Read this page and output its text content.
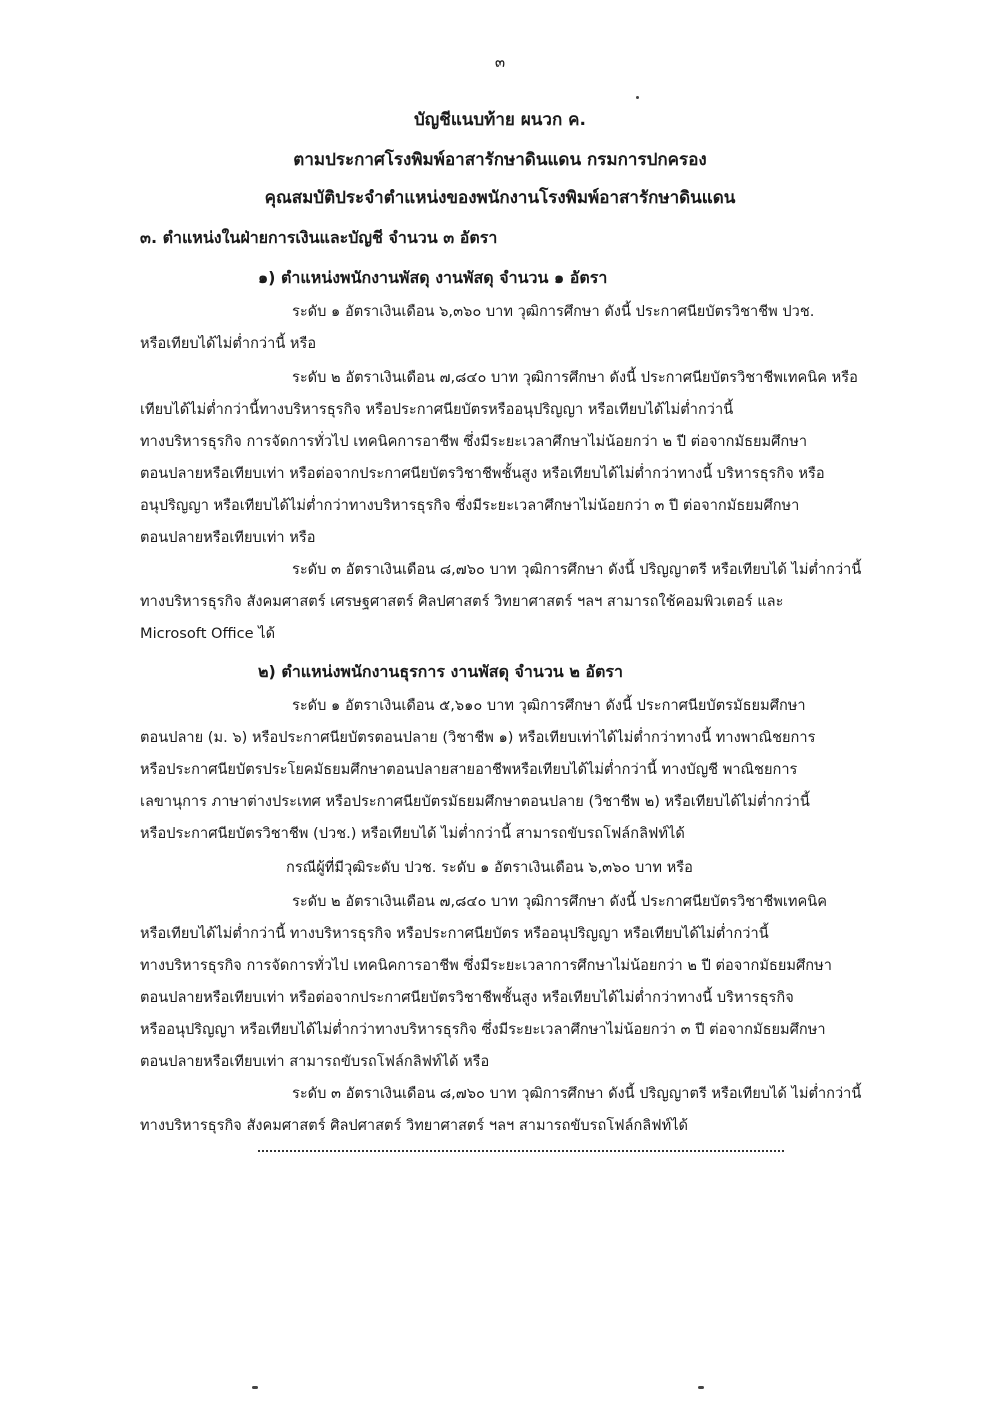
๓
บัญชีแนบท้าย ผนวก ค.
ตามประกาศโรงพิมพ์อาสารักษาดินแดน กรมการปกครอง
คุณสมบัติประจำตำแหน่งของพนักงานโรงพิมพ์อาสารักษาดินแดน
๓. ตำแหน่งในฝ่ายการเงินและบัญชี จำนวน ๓ อัตรา
๑) ตำแหน่งพนักงานพัสดุ งานพัสดุ จำนวน ๑ อัตรา
ระดับ ๑ อัตราเงินเดือน ๖,๓๖๐ บาท วุฒิการศึกษา ดังนี้ ประกาศนียบัตรวิชาชีพ ปวช.
หรือเทียบได้ไม่ต่ำกว่านี้ หรือ
ระดับ ๒ อัตราเงินเดือน ๗,๘๔๐ บาท วุฒิการศึกษา ดังนี้ ประกาศนียบัตรวิชาชีพเทคนิค หรือ
เทียบได้ไม่ต่ำกว่านี้ทางบริหารธุรกิจ หรือประกาศนียบัตรหรืออนุปริญญา หรือเทียบได้ไม่ต่ำกว่านี้
ทางบริหารธุรกิจ การจัดการทั่วไป เทคนิคการอาชีพ ซึ่งมีระยะเวลาศึกษาไม่น้อยกว่า ๒ ปี ต่อจากมัธยมศึกษา
ตอนปลายหรือเทียบเท่า หรือต่อจากประกาศนียบัตรวิชาชีพชั้นสูง หรือเทียบได้ไม่ต่ำกว่าทางนี้ บริหารธุรกิจ หรือ
อนุปริญญา หรือเทียบได้ไม่ต่ำกว่าทางบริหารธุรกิจ ซึ่งมีระยะเวลาศึกษาไม่น้อยกว่า ๓ ปี ต่อจากมัธยมศึกษา
ตอนปลายหรือเทียบเท่า หรือ
ระดับ ๓ อัตราเงินเดือน ๘,๗๖๐ บาท วุฒิการศึกษา ดังนี้ ปริญญาตรี หรือเทียบได้ ไม่ต่ำกว่านี้
ทางบริหารธุรกิจ สังคมศาสตร์ เศรษฐศาสตร์ ศิลปศาสตร์ วิทยาศาสตร์ ฯลฯ สามารถใช้คอมพิวเตอร์ และ
Microsoft Office ได้
๒) ตำแหน่งพนักงานธุรการ งานพัสดุ จำนวน ๒ อัตรา
ระดับ ๑ อัตราเงินเดือน ๕,๖๑๐ บาท วุฒิการศึกษา ดังนี้ ประกาศนียบัตรมัธยมศึกษา
ตอนปลาย (ม. ๖) หรือประกาศนียบัตรตอนปลาย (วิชาชีพ ๑) หรือเทียบเท่าได้ไม่ต่ำกว่าทางนี้ ทางพาณิชยการ
หรือประกาศนียบัตรประโยคมัธยมศึกษาตอนปลายสายอาชีพหรือเทียบได้ไม่ต่ำกว่านี้ ทางบัญชี พาณิชยการ
เลขานุการ ภาษาต่างประเทศ หรือประกาศนียบัตรมัธยมศึกษาตอนปลาย (วิชาชีพ ๒) หรือเทียบได้ไม่ต่ำกว่านี้
หรือประกาศนียบัตรวิชาชีพ (ปวช.) หรือเทียบได้ ไม่ต่ำกว่านี้ สามารถขับรถโฟล์กลิฟท์ได้
กรณีผู้ที่มีวุฒิระดับ ปวช. ระดับ ๑ อัตราเงินเดือน ๖,๓๖๐ บาท หรือ
ระดับ ๒ อัตราเงินเดือน ๗,๘๔๐ บาท วุฒิการศึกษา ดังนี้ ประกาศนียบัตรวิชาชีพเทคนิค
หรือเทียบได้ไม่ต่ำกว่านี้ ทางบริหารธุรกิจ หรือประกาศนียบัตร หรืออนุปริญญา หรือเทียบได้ไม่ต่ำกว่านี้
ทางบริหารธุรกิจ การจัดการทั่วไป เทคนิคการอาชีพ ซึ่งมีระยะเวลาการศึกษาไม่น้อยกว่า ๒ ปี ต่อจากมัธยมศึกษา
ตอนปลายหรือเทียบเท่า หรือต่อจากประกาศนียบัตรวิชาชีพชั้นสูง หรือเทียบได้ไม่ต่ำกว่าทางนี้ บริหารธุรกิจ
หรืออนุปริญญา หรือเทียบได้ไม่ต่ำกว่าทางบริหารธุรกิจ ซึ่งมีระยะเวลาศึกษาไม่น้อยกว่า ๓ ปี ต่อจากมัธยมศึกษา
ตอนปลายหรือเทียบเท่า สามารถขับรถโฟล์กลิฟท์ได้ หรือ
ระดับ ๓ อัตราเงินเดือน ๘,๗๖๐ บาท วุฒิการศึกษา ดังนี้ ปริญญาตรี หรือเทียบได้ ไม่ต่ำกว่านี้
ทางบริหารธุรกิจ สังคมศาสตร์ ศิลปศาสตร์ วิทยาศาสตร์ ฯลฯ สามารถขับรถโฟล์กลิฟท์ได้
